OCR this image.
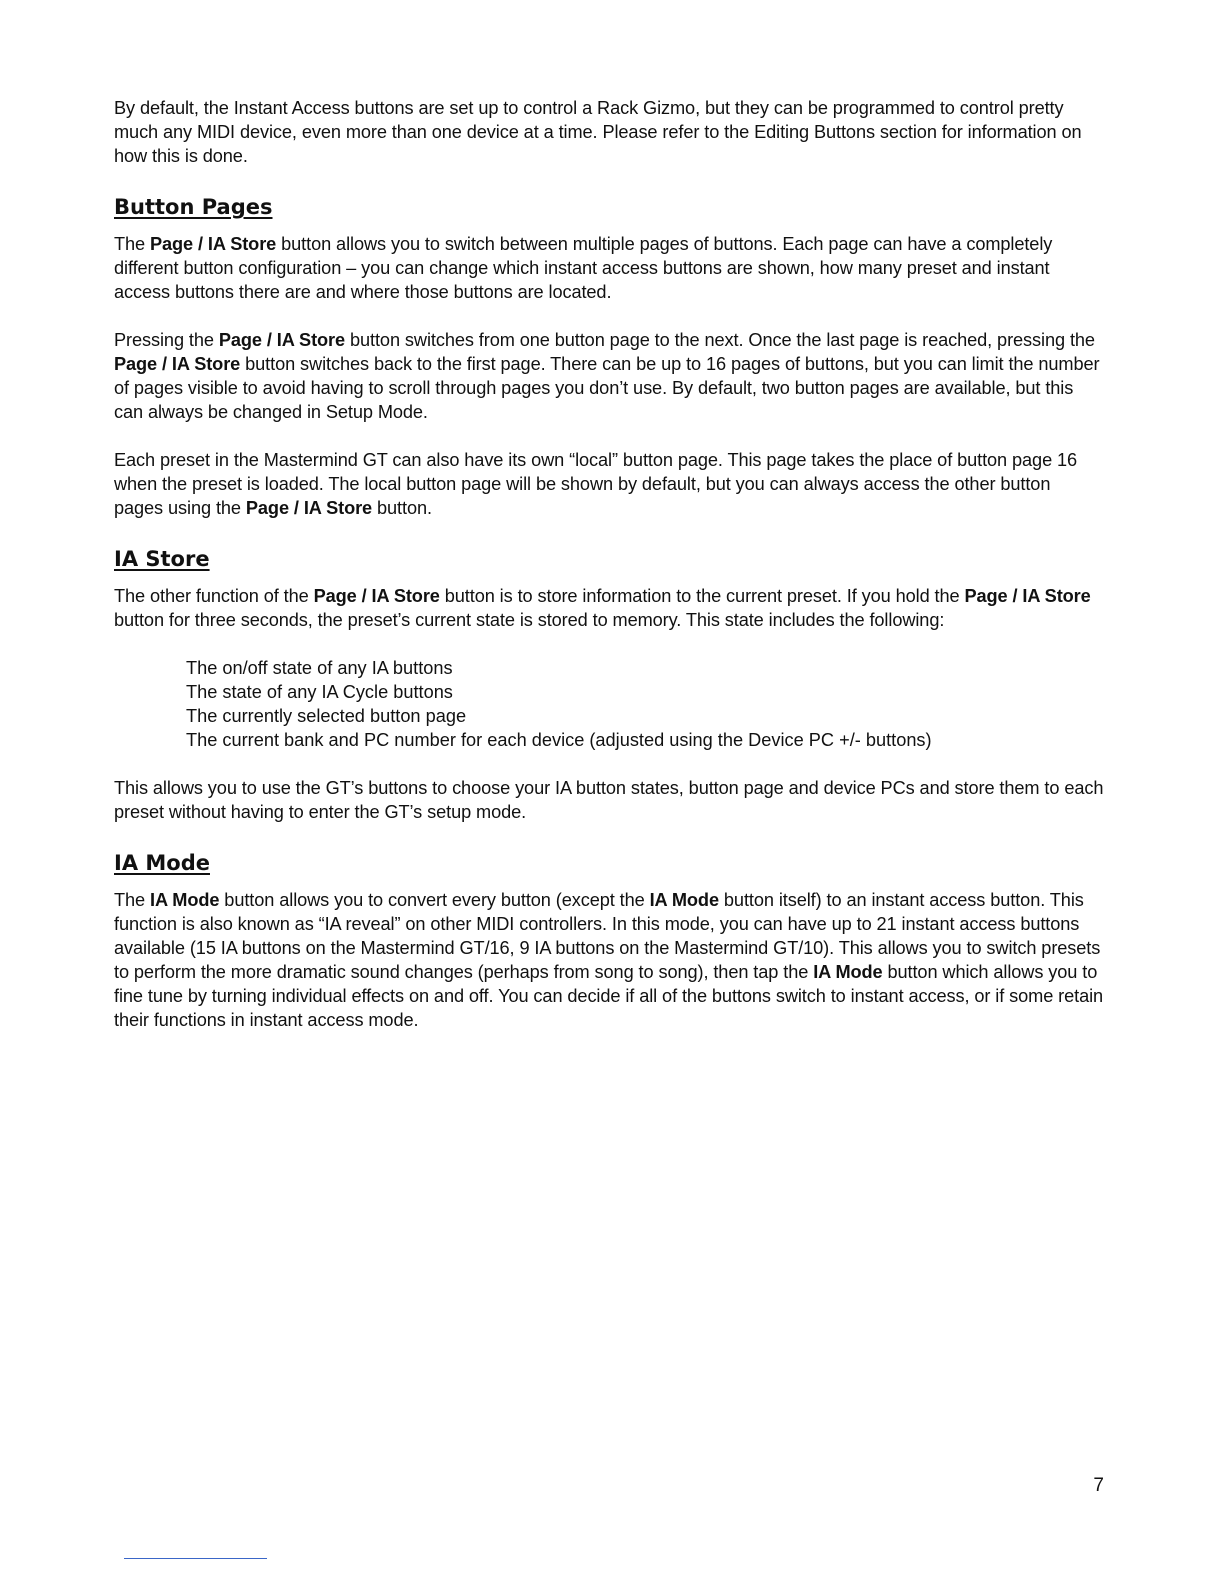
By default, the Instant Access buttons are set up to control a Rack Gizmo, but they can be programmed to control pretty much any MIDI device, even more than one device at a time. Please refer to the Editing Buttons section for information on how this is done.

Button Pages

The Page / IA Store button allows you to switch between multiple pages of buttons. Each page can have a completely different button configuration – you can change which instant access buttons are shown, how many preset and instant access buttons there are and where those buttons are located.

Pressing the Page / IA Store button switches from one button page to the next. Once the last page is reached, pressing the Page / IA Store button switches back to the first page. There can be up to 16 pages of buttons, but you can limit the number of pages visible to avoid having to scroll through pages you don’t use. By default, two button pages are available, but this can always be changed in Setup Mode.

Each preset in the Mastermind GT can also have its own “local” button page. This page takes the place of button page 16 when the preset is loaded. The local button page will be shown by default, but you can always access the other button pages using the Page / IA Store button.

IA Store

The other function of the Page / IA Store button is to store information to the current preset. If you hold the Page / IA Store button for three seconds, the preset’s current state is stored to memory. This state includes the following:

The on/off state of any IA buttons
The state of any IA Cycle buttons
The currently selected button page
The current bank and PC number for each device (adjusted using the Device PC +/- buttons)

This allows you to use the GT’s buttons to choose your IA button states, button page and device PCs and store them to each preset without having to enter the GT’s setup mode.

IA Mode

The IA Mode button allows you to convert every button (except the IA Mode button itself) to an instant access button. This function is also known as “IA reveal” on other MIDI controllers. In this mode, you can have up to 21 instant access buttons available (15 IA buttons on the Mastermind GT/16, 9 IA buttons on the Mastermind GT/10). This allows you to switch presets to perform the more dramatic sound changes (perhaps from song to song), then tap the IA Mode button which allows you to fine tune by turning individual effects on and off. You can decide if all of the buttons switch to instant access, or if some retain their functions in instant access mode.

7
